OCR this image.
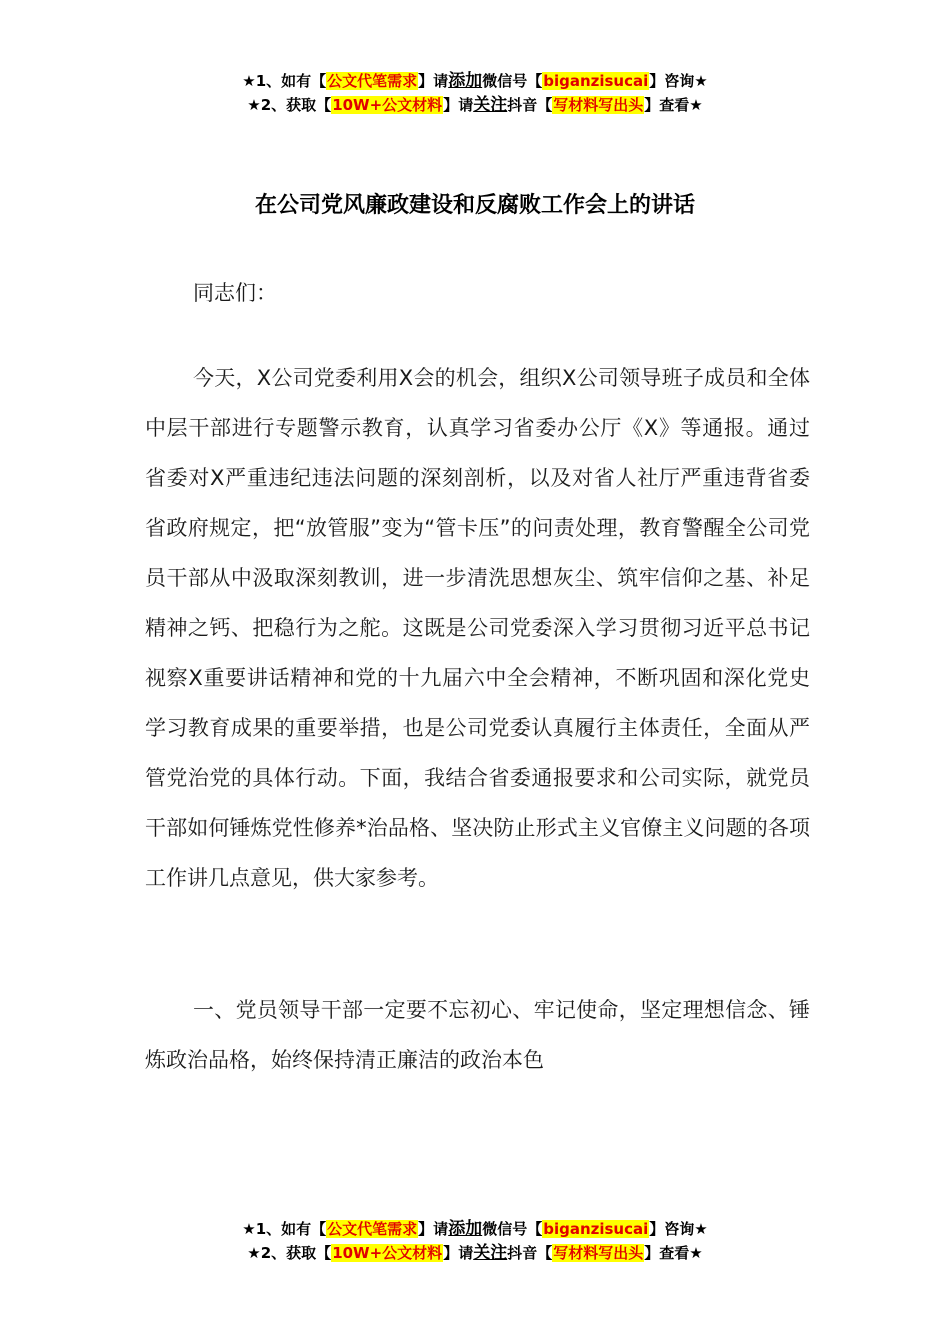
★1、如有【公文代笔需求】请添加微信号【biganzisucai】咨询★
★2、获取【10W+公文材料】请关注抖音【写材料写出头】查看★
在公司党风廉政建设和反腐败工作会上的讲话
同志们：
今天，X公司党委利用X会的机会，组织X公司领导班子成员和全体中层干部进行专题警示教育，认真学习省委办公厅《X》等通报。通过省委对X严重违纪违法问题的深刻剖析，以及对省人社厅严重违背省委省政府规定，把“放管服”变为“管卡压”的问责处理，教育警醒全公司党员干部从中汲取深刻教训，进一步清洗思想灰尘、筑牢信仰之基、补足精神之钙、把稳行为之舵。这既是公司党委深入学习贯彻习近平总书记视察X重要讲话精神和党的十九届六中全会精神，不断巩固和深化党史学习教育成果的重要举措，也是公司党委认真履行主体责任，全面从严管党治党的具体行动。下面，我结合省委通报要求和公司实际，就党员干部如何锤炼党性修养*治品格、坚决防止形式主义官僚主义问题的各项工作讲几点意见，供大家参考。
一、党员领导干部一定要不忘初心、牢记使命，坚定理想信念、锤炼政治品格，始终保持清正廉洁的政治本色
★1、如有【公文代笔需求】请添加微信号【biganzisucai】咨询★
★2、获取【10W+公文材料】请关注抖音【写材料写出头】查看★
